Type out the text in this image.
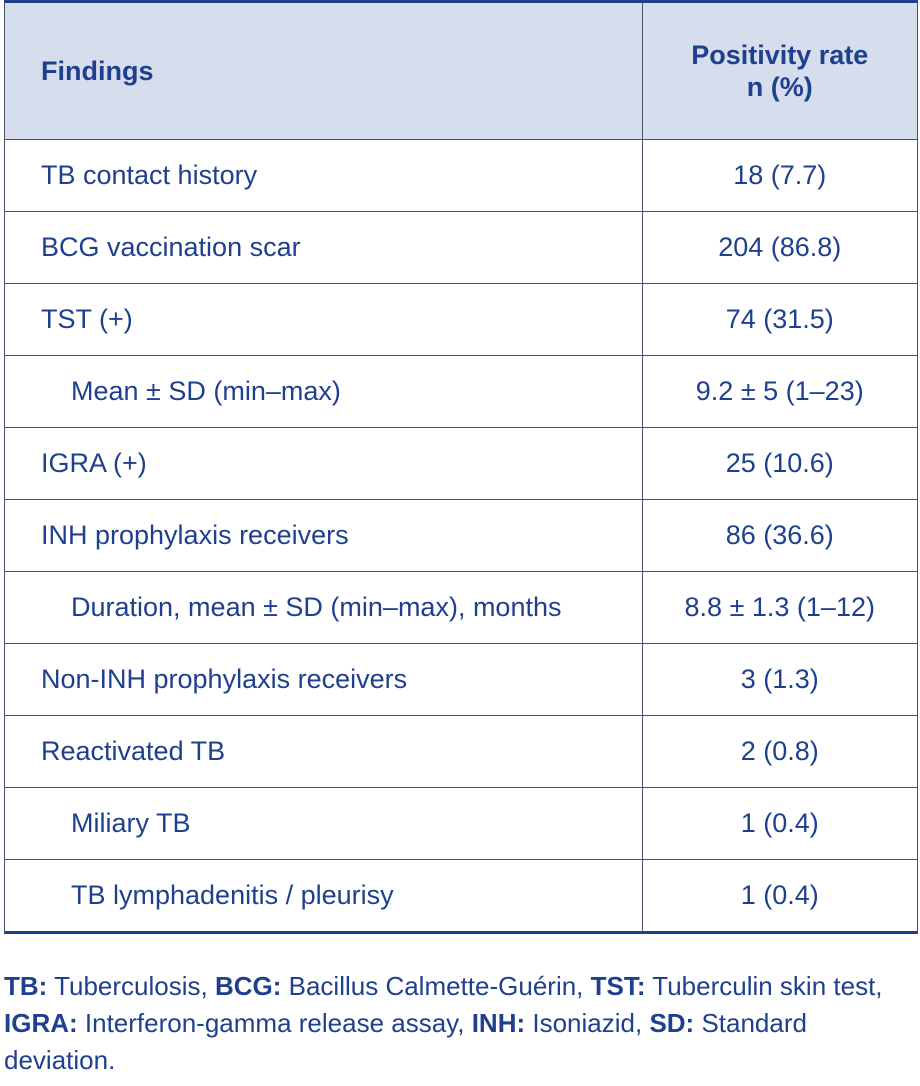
Findings	Positivity rate
n (%)
TB contact history	18 (7.7)
BCG vaccination scar	204 (86.8)
TST (+)	74 (31.5)
Mean ± SD (min–max)	9.2 ± 5 (1–23)
IGRA (+)	25 (10.6)
INH prophylaxis receivers	86 (36.6)
Duration, mean ± SD (min–max), months	8.8 ± 1.3 (1–12)
Non-INH prophylaxis receivers	3 (1.3)
Reactivated TB	2 (0.8)
Miliary TB	1 (0.4)
TB lymphadenitis / pleurisy	1 (0.4)
TB: Tuberculosis, BCG: Bacillus Calmette-Guérin, TST: Tuberculin skin test, IGRA: Interferon-gamma release assay, INH: Isoniazid, SD: Standard deviation.
